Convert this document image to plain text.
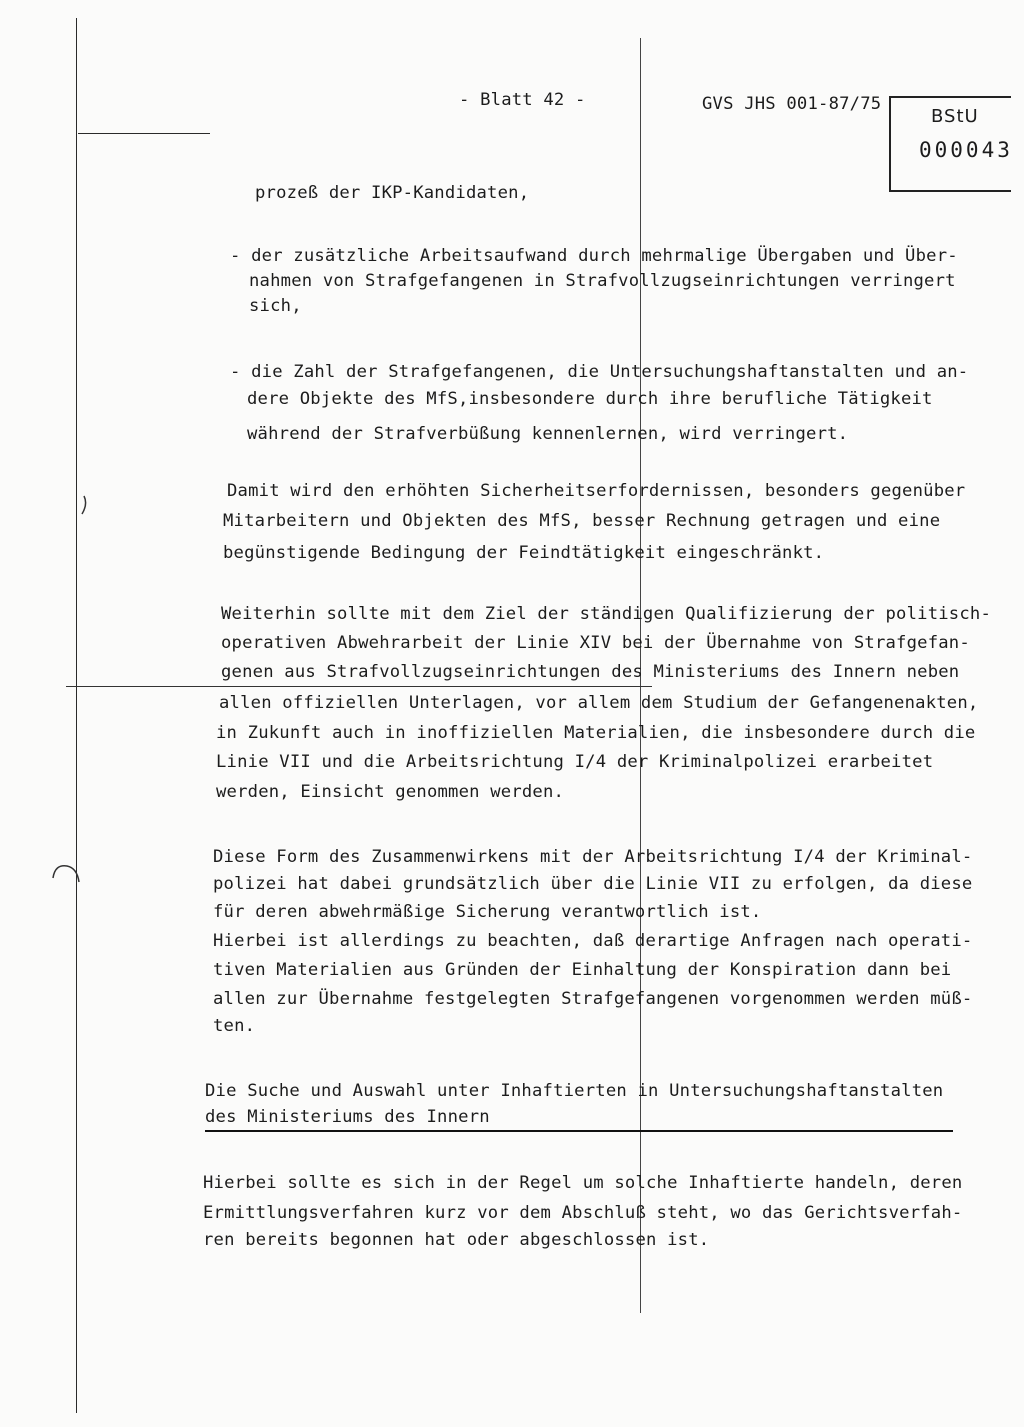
- Blatt 42 -	GVS JHS 001-87/75
BStU
000043
prozeß der IKP-Kandidaten,
- der zusätzliche Arbeitsaufwand durch mehrmalige Übergaben und Über-
nahmen von Strafgefangenen in Strafvollzugseinrichtungen verringert
sich,
- die Zahl der Strafgefangenen, die Untersuchungshaftanstalten und an-
dere Objekte des MfS,insbesondere durch ihre berufliche Tätigkeit
während der Strafverbüßung kennenlernen, wird verringert.
Damit wird den erhöhten Sicherheitserfordernissen, besonders gegenüber
Mitarbeitern und Objekten des MfS, besser Rechnung getragen und eine
begünstigende Bedingung der Feindtätigkeit eingeschränkt.
Weiterhin sollte mit dem Ziel der ständigen Qualifizierung der politisch-
operativen Abwehrarbeit der Linie XIV bei der Übernahme von Strafgefan-
genen aus Strafvollzugseinrichtungen des Ministeriums des Innern neben
allen offiziellen Unterlagen, vor allem dem Studium der Gefangenenakten,
in Zukunft auch in inoffiziellen Materialien, die insbesondere durch die
Linie VII und die Arbeitsrichtung I/4 der Kriminalpolizei erarbeitet
werden, Einsicht genommen werden.
Diese Form des Zusammenwirkens mit der Arbeitsrichtung I/4 der Kriminal-
polizei hat dabei grundsätzlich über die Linie VII zu erfolgen, da diese
für deren abwehrmäßige Sicherung verantwortlich ist.
Hierbei ist allerdings zu beachten, daß derartige Anfragen nach operati-
tiven Materialien aus Gründen der Einhaltung der Konspiration dann bei
allen zur Übernahme festgelegten Strafgefangenen vorgenommen werden müß-
ten.
Die Suche und Auswahl unter Inhaftierten in Untersuchungshaftanstalten
des Ministeriums des Innern
Hierbei sollte es sich in der Regel um solche Inhaftierte handeln, deren
Ermittlungsverfahren kurz vor dem Abschluß steht, wo das Gerichtsverfah-
ren bereits begonnen hat oder abgeschlossen ist.
